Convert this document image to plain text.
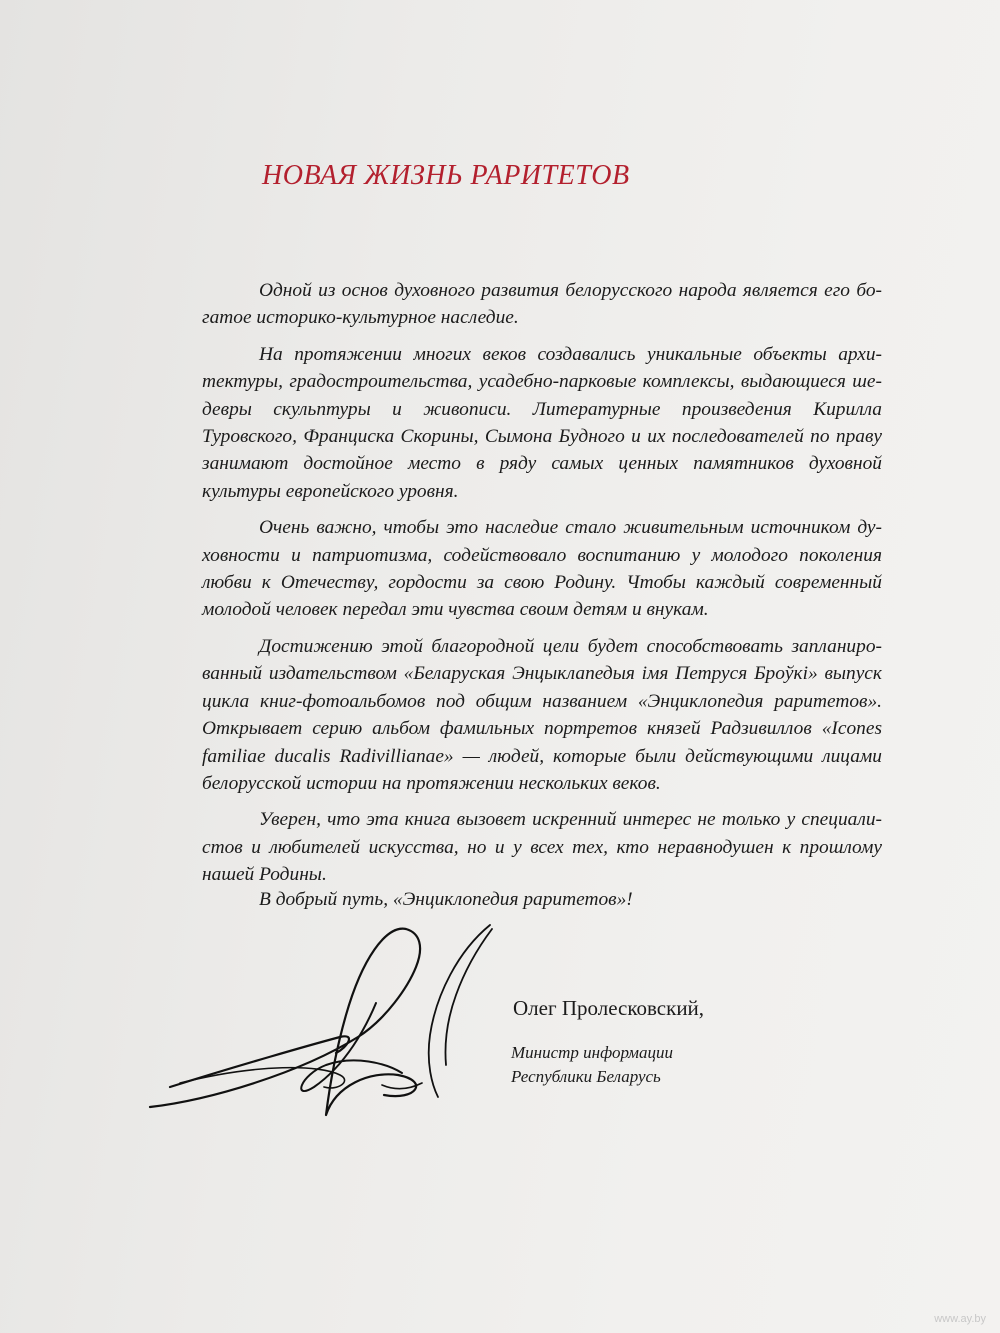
НОВАЯ ЖИЗНЬ РАРИТЕТОВ

Одной из основ духовного развития белорусского народа является его богатое историко-культурное наследие.

На протяжении многих веков создавались уникальные объекты архитектуры, градостроительства, усадебно-парковые комплексы, выдающиеся шедевры скульптуры и живописи. Литературные произведения Кирилла Туровского, Франциска Скорины, Сымона Будного и их последователей по праву занимают достойное место в ряду самых ценных памятников духовной культуры европейского уровня.

Очень важно, чтобы это наследие стало живительным источником духовности и патриотизма, содействовало воспитанию у молодого поколения любви к Отечеству, гордости за свою Родину. Чтобы каждый современный молодой человек передал эти чувства своим детям и внукам.

Достижению этой благородной цели будет способствовать запланированный издательством «Беларуская Энцыклапедыя імя Петруся Броўкі» выпуск цикла книг-фотоальбомов под общим названием «Энциклопедия раритетов». Открывает серию альбом фамильных портретов князей Радзивиллов «Icones familiae ducalis Radivillianae» — людей, которые были действующими лицами белорусской истории на протяжении нескольких веков.

Уверен, что эта книга вызовет искренний интерес не только у специалистов и любителей искусства, но и у всех тех, кто неравнодушен к прошлому нашей Родины.

В добрый путь, «Энциклопедия раритетов»!

Олег Пролесковский,

Министр информации
Республики Беларусь

www.ay.by
